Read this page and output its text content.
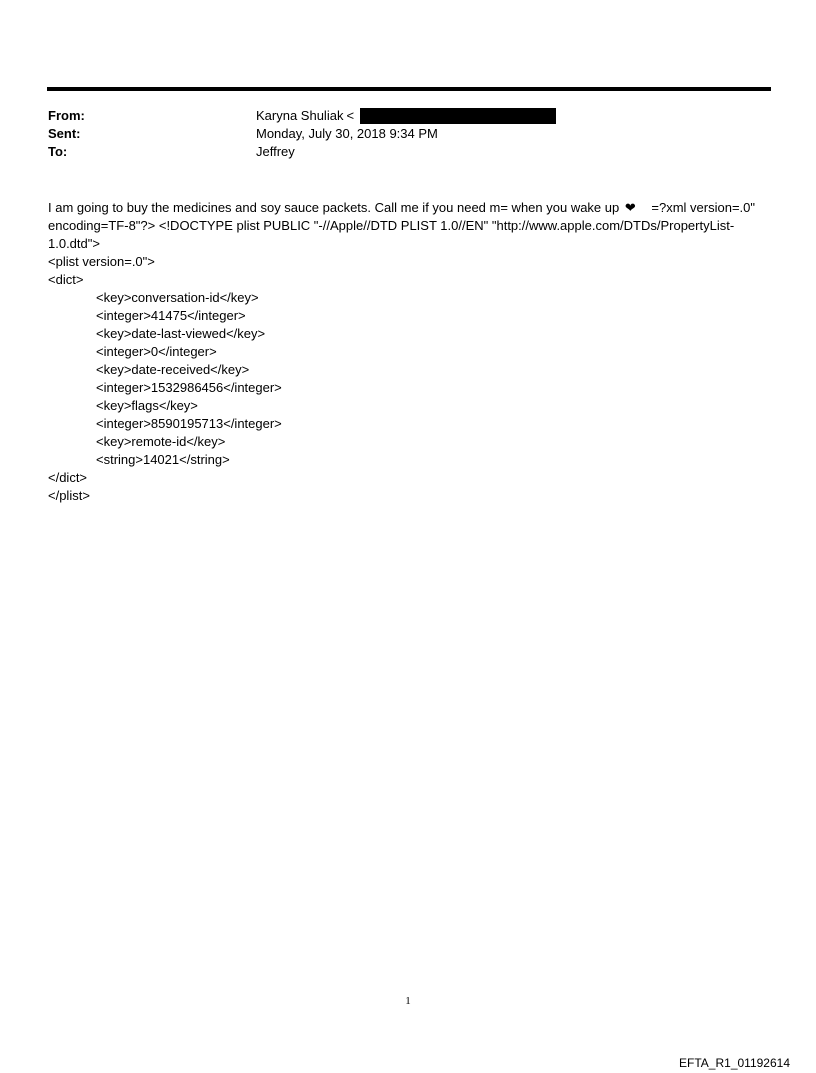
From:	Karyna Shuliak <
Sent:	Monday, July 30, 2018 9:34 PM
To:	Jeffrey

I am going to buy the medicines and soy sauce packets. Call me if you need m= when you wake up ❤ =?xml version=.0" encoding=TF-8"?> <!DOCTYPE plist PUBLIC "-//Apple//DTD PLIST 1.0//EN" "http://www.apple.com/DTDs/PropertyList-1.0.dtd">

<plist version=.0">
<dict>
<key>conversation-id</key>
<integer>41475</integer>
<key>date-last-viewed</key>
<integer>0</integer>
<key>date-received</key>
<integer>1532986456</integer>
<key>flags</key>
<integer>8590195713</integer>
<key>remote-id</key>
<string>14021</string>
</dict>
</plist>
1
EFTA_R1_01192614
